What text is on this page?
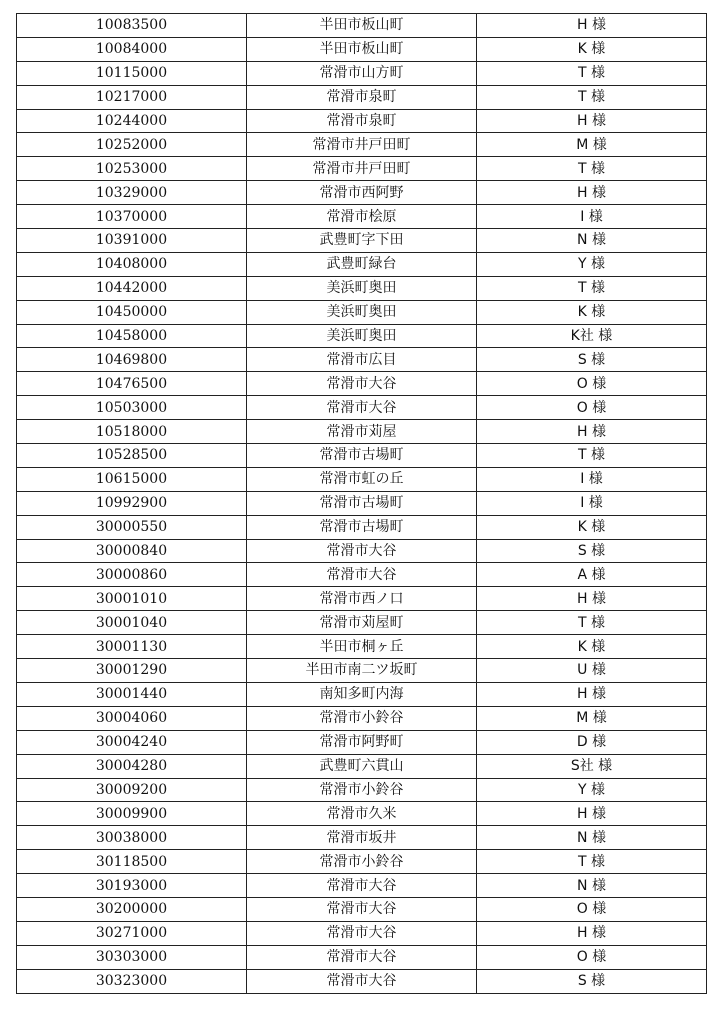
10083500	半田市板山町	H 様
10084000	半田市板山町	K 様
10115000	常滑市山方町	T 様
10217000	常滑市泉町	T 様
10244000	常滑市泉町	H 様
10252000	常滑市井戸田町	M 様
10253000	常滑市井戸田町	T 様
10329000	常滑市西阿野	H 様
10370000	常滑市桧原	I 様
10391000	武豊町字下田	N 様
10408000	武豊町緑台	Y 様
10442000	美浜町奥田	T 様
10450000	美浜町奥田	K 様
10458000	美浜町奥田	K社 様
10469800	常滑市広目	S 様
10476500	常滑市大谷	O 様
10503000	常滑市大谷	O 様
10518000	常滑市苅屋	H 様
10528500	常滑市古場町	T 様
10615000	常滑市虹の丘	I 様
10992900	常滑市古場町	I 様
30000550	常滑市古場町	K 様
30000840	常滑市大谷	S 様
30000860	常滑市大谷	A 様
30001010	常滑市西ノ口	H 様
30001040	常滑市苅屋町	T 様
30001130	半田市桐ヶ丘	K 様
30001290	半田市南二ツ坂町	U 様
30001440	南知多町内海	H 様
30004060	常滑市小鈴谷	M 様
30004240	常滑市阿野町	D 様
30004280	武豊町六貫山	S社 様
30009200	常滑市小鈴谷	Y 様
30009900	常滑市久米	H 様
30038000	常滑市坂井	N 様
30118500	常滑市小鈴谷	T 様
30193000	常滑市大谷	N 様
30200000	常滑市大谷	O 様
30271000	常滑市大谷	H 様
30303000	常滑市大谷	O 様
30323000	常滑市大谷	S 様
